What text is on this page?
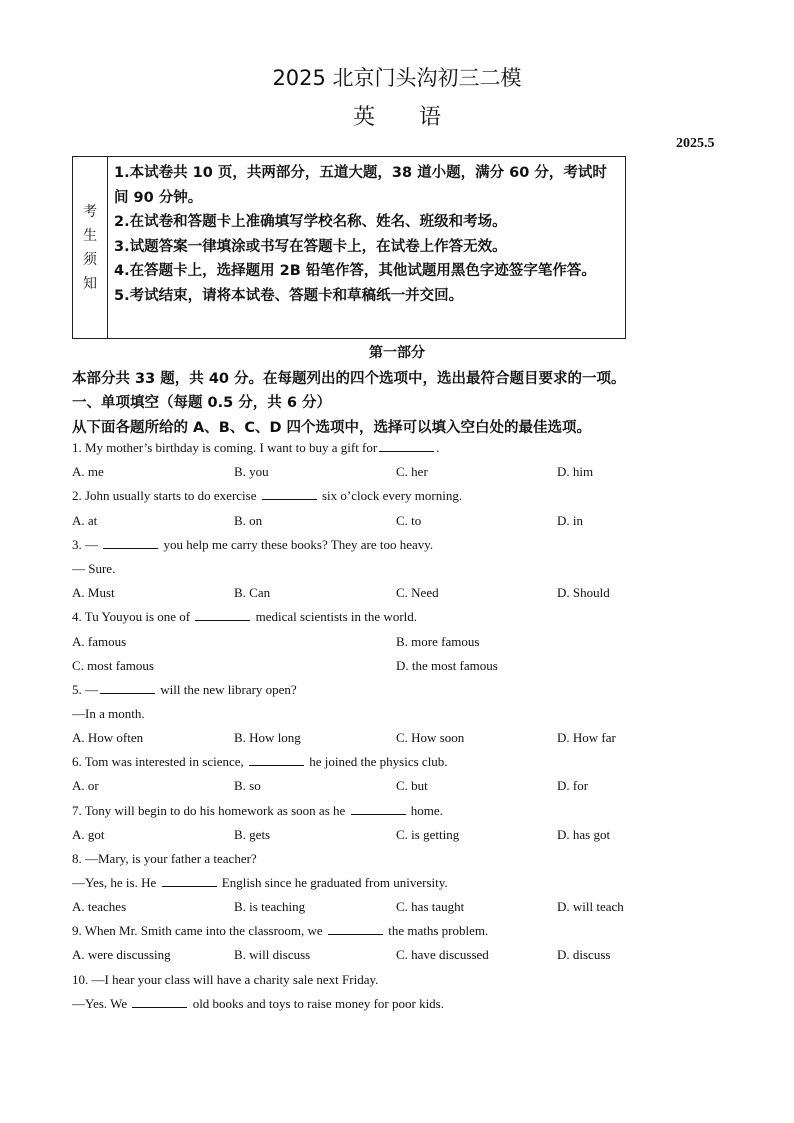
2025 北京门头沟初三二模
英 语
2025.5
考
生
须
知
1.本试卷共 10 页，共两部分，五道大题，38 道小题，满分 60 分，考试时间 90 分钟。
2.在试卷和答题卡上准确填写学校名称、姓名、班级和考场。
3.试题答案一律填涂或书写在答题卡上，在试卷上作答无效。
4.在答题卡上，选择题用 2B 铅笔作答，其他试题用黑色字迹签字笔作答。
5.考试结束，请将本试卷、答题卡和草稿纸一并交回。
第一部分
本部分共 33 题，共 40 分。在每题列出的四个选项中，选出最符合题目要求的一项。
一、单项填空（每题 0.5 分，共 6 分）
从下面各题所给的 A、B、C、D 四个选项中，选择可以填入空白处的最佳选项。
1. My mother’s birthday is coming. I want to buy a gift for	.
A. me	B. you	C. her	D. him
2. John usually starts to do exercise	six o’clock every morning.
A. at	B. on	C. to	D. in
3. —	you help me carry these books? They are too heavy.
— Sure.
A. Must	B. Can	C. Need	D. Should
4. Tu Youyou is one of	medical scientists in the world.
A. famous	B. more famous
C. most famous	D. the most famous
5. —	will the new library open?
—In a month.
A. How often	B. How long	C. How soon	D. How far
6. Tom was interested in science,	he joined the physics club.
A. or	B. so	C. but	D. for
7. Tony will begin to do his homework as soon as he	home.
A. got	B. gets	C. is getting	D. has got
8. —Mary, is your father a teacher?
—Yes, he is. He	English since he graduated from university.
A. teaches	B. is teaching	C. has taught	D. will teach
9. When Mr. Smith came into the classroom, we	the maths problem.
A. were discussing	B. will discuss	C. have discussed	D. discuss
10. —I hear your class will have a charity sale next Friday.
—Yes. We	old books and toys to raise money for poor kids.
